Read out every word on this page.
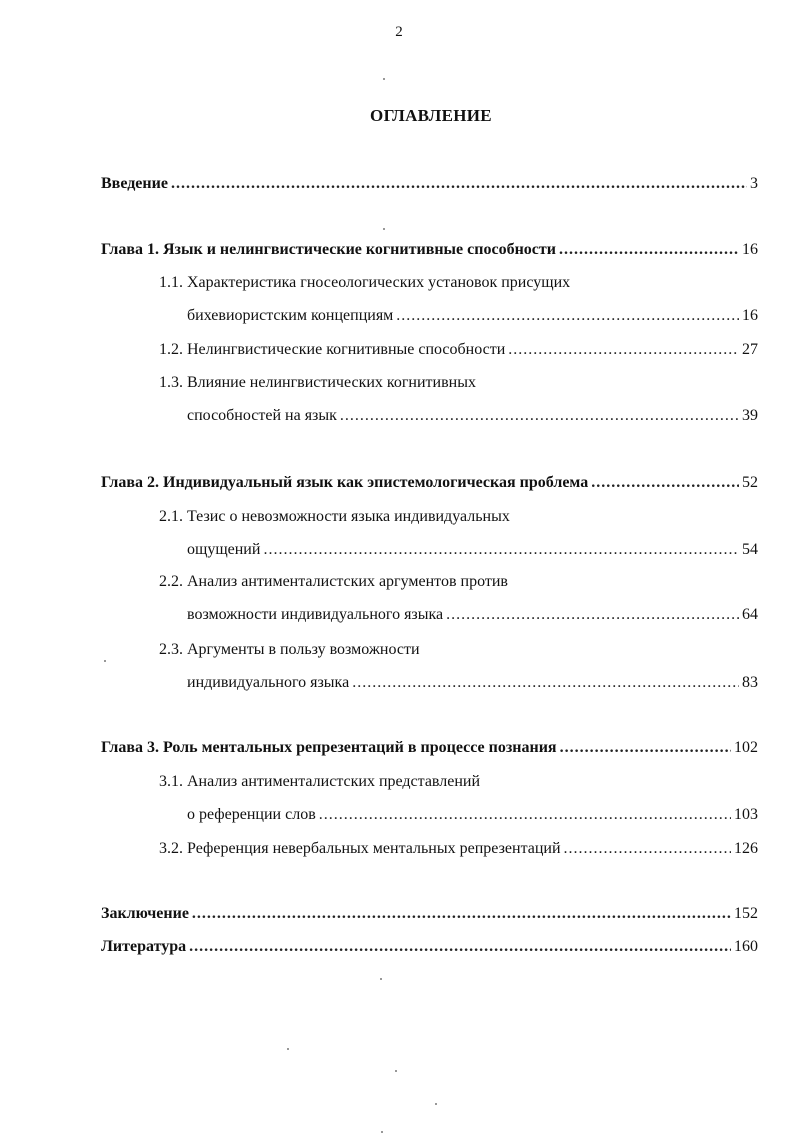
2
ОГЛАВЛЕНИЕ
Введение .....	3
Глава 1. Язык и нелингвистические когнитивные способности .....	16
1.1. Характеристика гносеологических установок присущих
бихевиористским концепциям .....	16
1.2. Нелингвистические когнитивные способности .....	27
1.3. Влияние нелингвистических когнитивных
способностей на язык .....	39
Глава 2. Индивидуальный язык как эпистемологическая проблема .....	52
2.1. Тезис о невозможности языка индивидуальных
ощущений .....	54
2.2. Анализ антименталистских аргументов против
возможности индивидуального языка .....	64
2.3. Аргументы в пользу возможности
индивидуального языка .....	83
Глава 3. Роль ментальных репрезентаций в процессе познания .....	102
3.1. Анализ антименталистских представлений
о референции слов .....	103
3.2. Референция невербальных ментальных репрезентаций .....	126
Заключение .....	152
Литература .....	160
